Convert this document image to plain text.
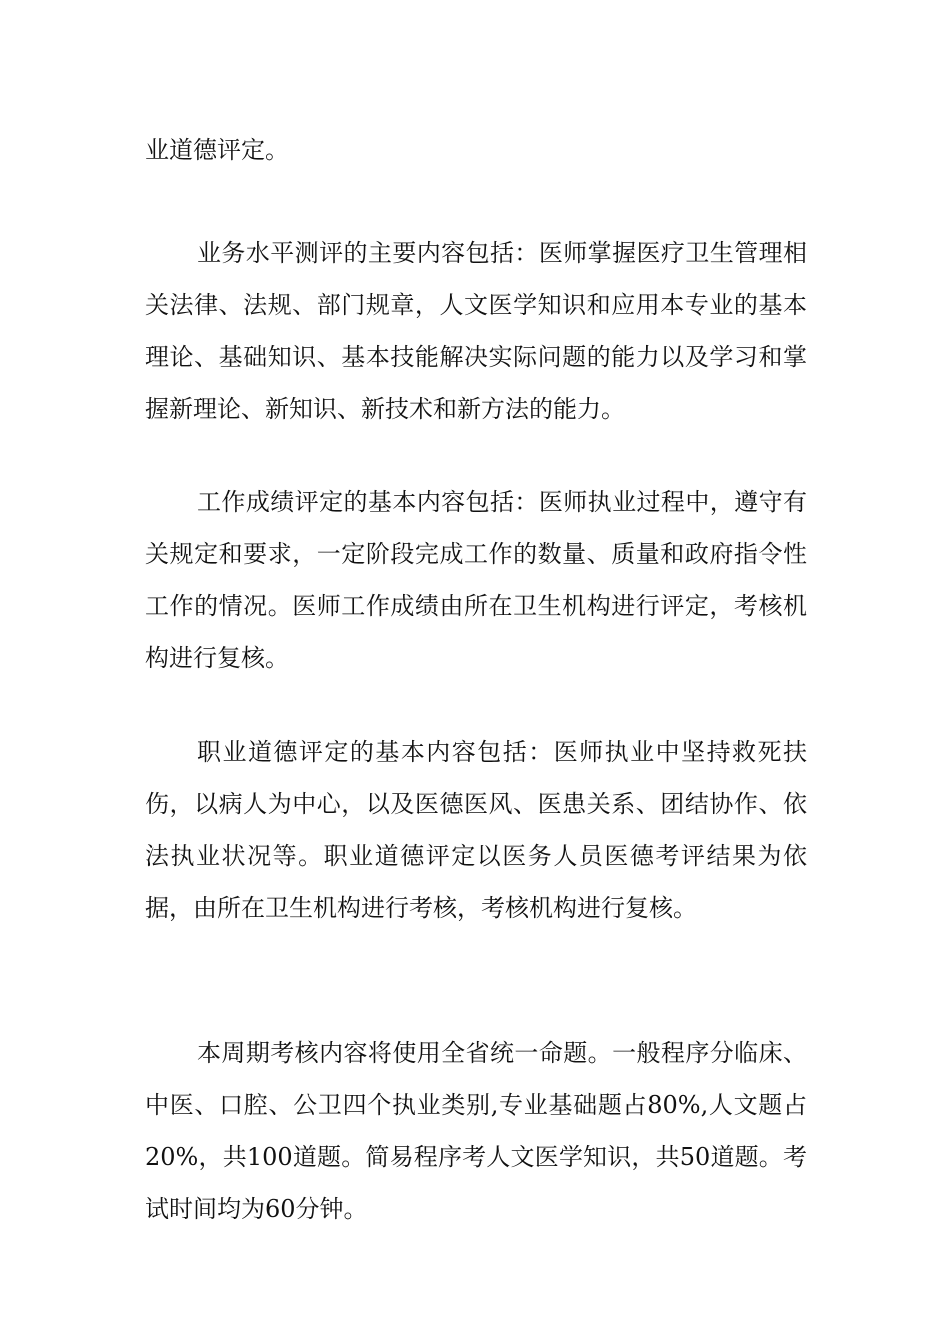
业道德评定。

业务水平测评的主要内容包括：医师掌握医疗卫生管理相关法律、法规、部门规章，人文医学知识和应用本专业的基本理论、基础知识、基本技能解决实际问题的能力以及学习和掌握新理论、新知识、新技术和新方法的能力。

工作成绩评定的基本内容包括：医师执业过程中，遵守有关规定和要求，一定阶段完成工作的数量、质量和政府指令性工作的情况。医师工作成绩由所在卫生机构进行评定，考核机构进行复核。

职业道德评定的基本内容包括：医师执业中坚持救死扶伤，以病人为中心，以及医德医风、医患关系、团结协作、依法执业状况等。职业道德评定以医务人员医德考评结果为依据，由所在卫生机构进行考核，考核机构进行复核。

本周期考核内容将使用全省统一命题。一般程序分临床、中医、口腔、公卫四个执业类别,专业基础题占80%,人文题占20%，共100道题。简易程序考人文医学知识，共50道题。考试时间均为60分钟。
